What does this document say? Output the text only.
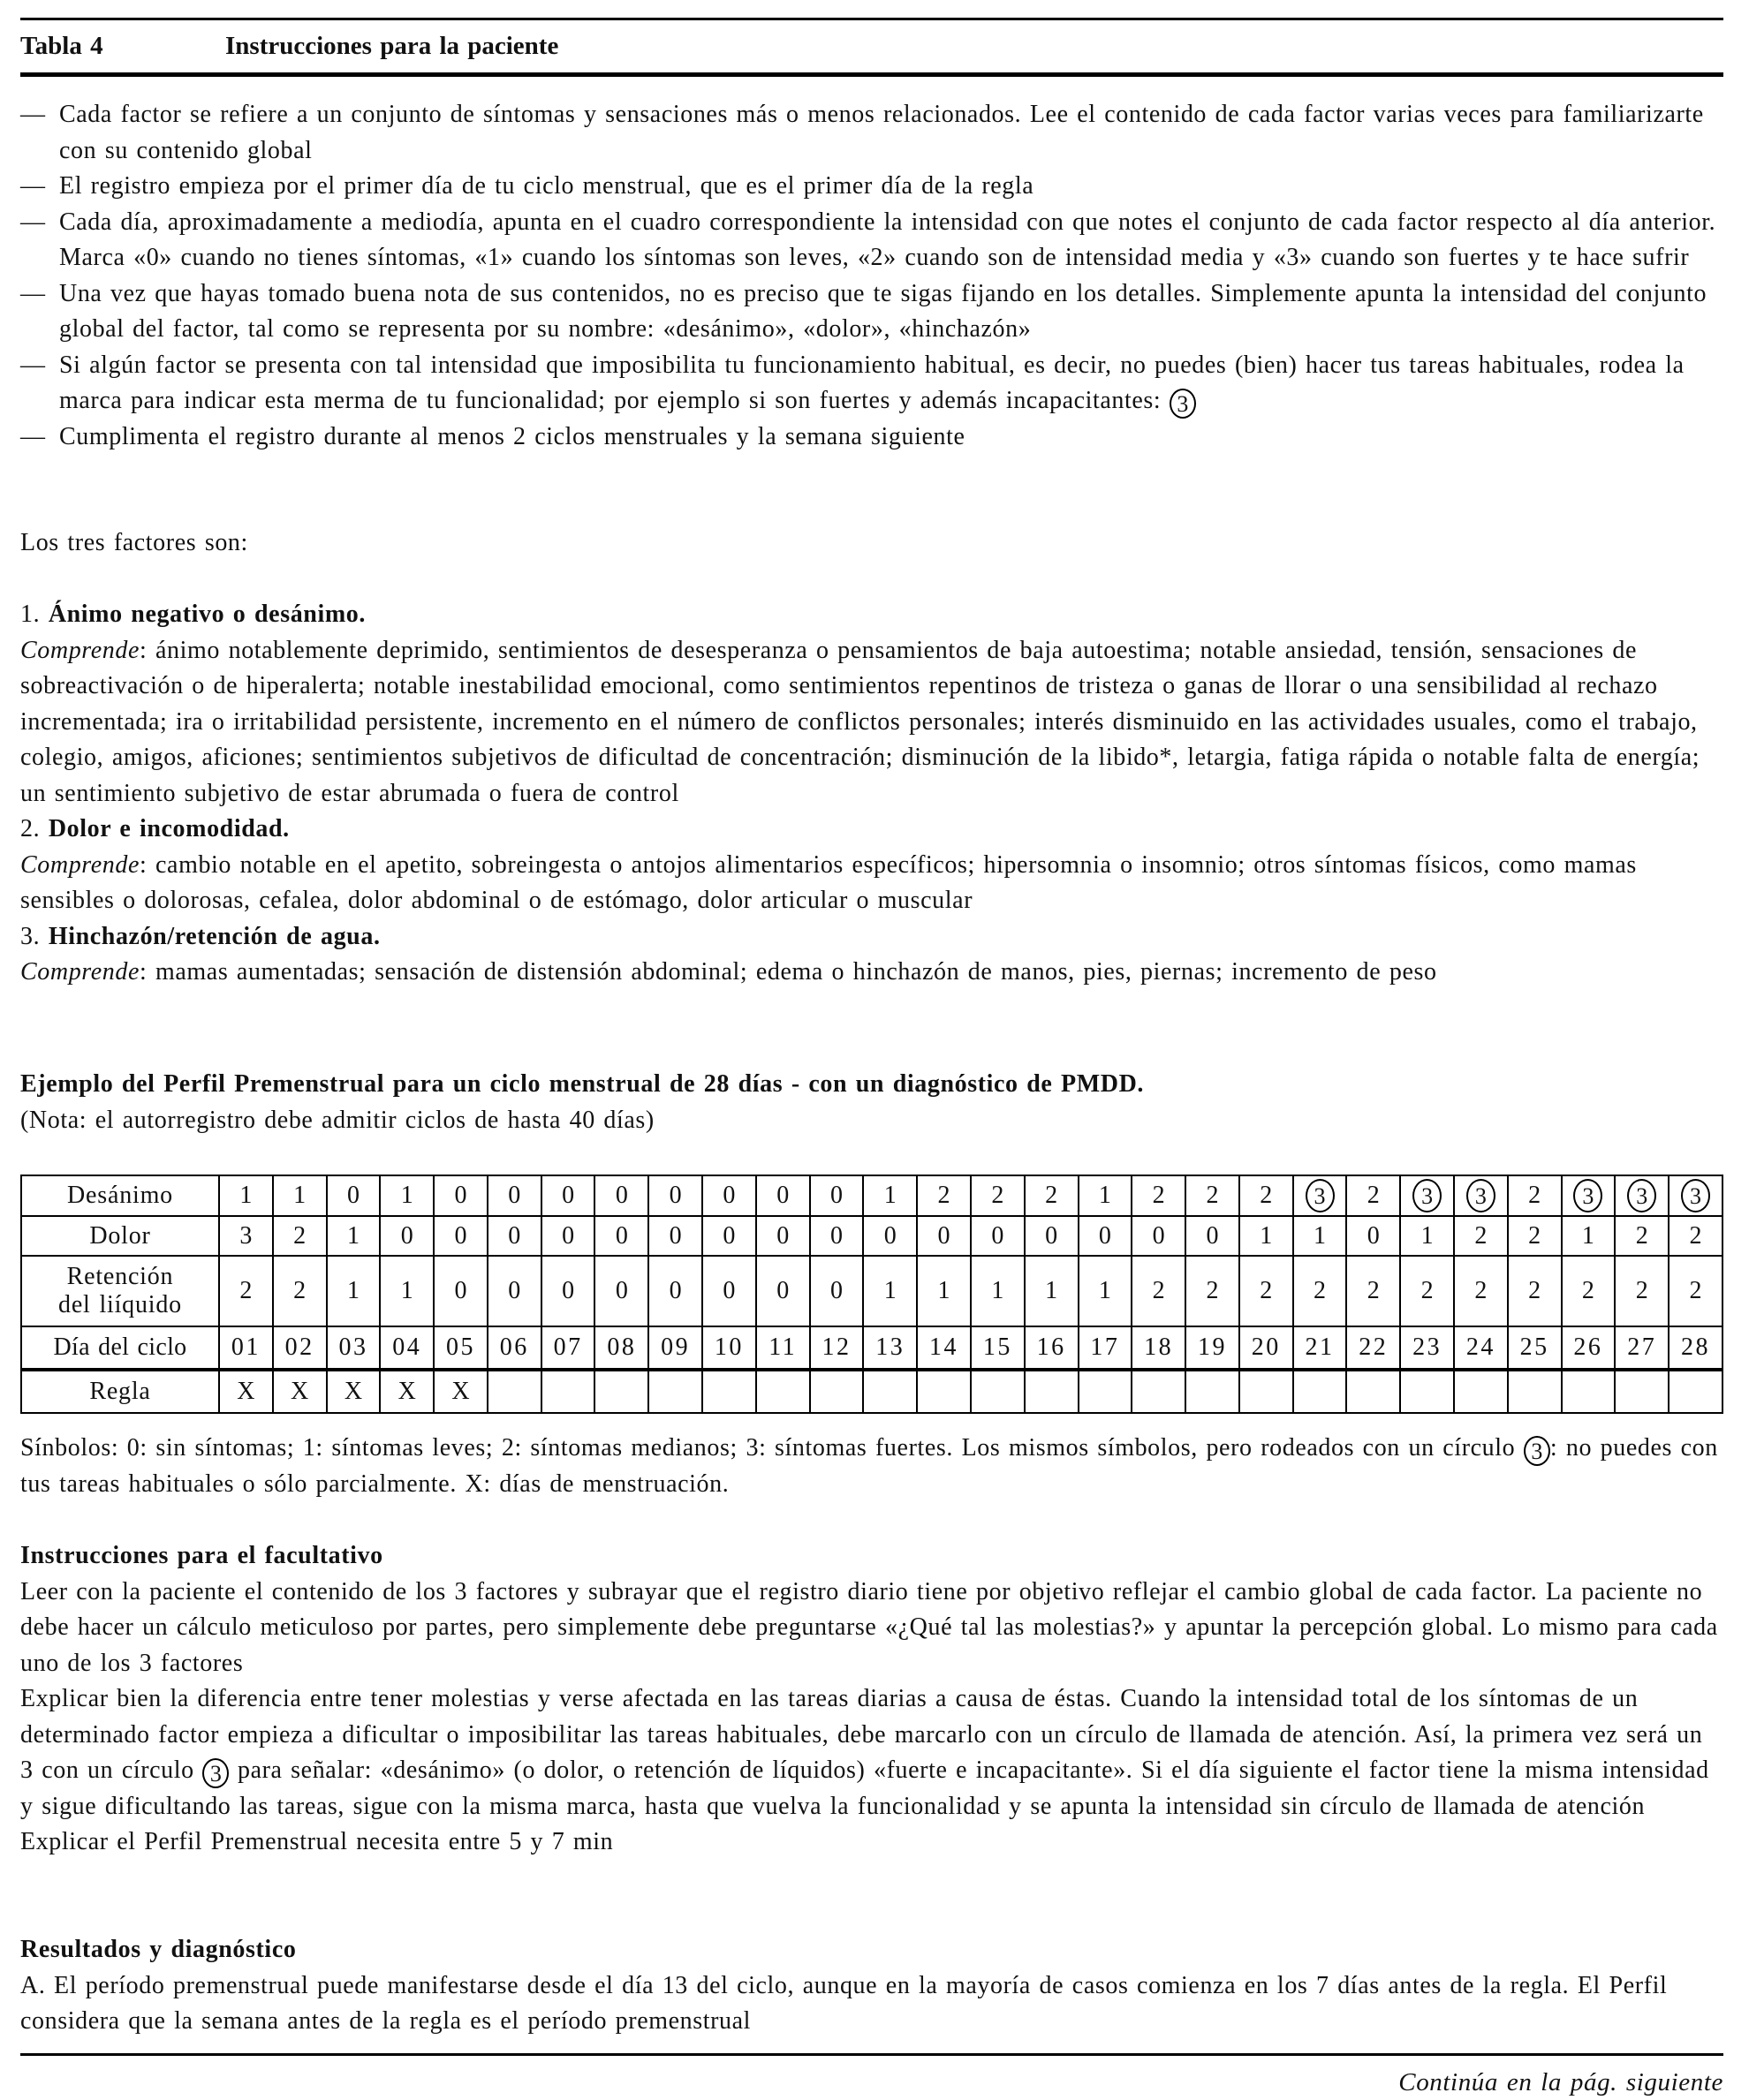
Tabla 4	Instrucciones para la paciente
— Cada factor se refiere a un conjunto de síntomas y sensaciones más o menos relacionados. Lee el contenido de cada factor varias veces para familiarizarte con su contenido global
— El registro empieza por el primer día de tu ciclo menstrual, que es el primer día de la regla
— Cada día, aproximadamente a mediodía, apunta en el cuadro correspondiente la intensidad con que notes el conjunto de cada factor respecto al día anterior. Marca «0» cuando no tienes síntomas, «1» cuando los síntomas son leves, «2» cuando son de intensidad media y «3» cuando son fuertes y te hace sufrir
— Una vez que hayas tomado buena nota de sus contenidos, no es preciso que te sigas fijando en los detalles. Simplemente apunta la intensidad del conjunto global del factor, tal como se representa por su nombre: «desánimo», «dolor», «hinchazón»
— Si algún factor se presenta con tal intensidad que imposibilita tu funcionamiento habitual, es decir, no puedes (bien) hacer tus tareas habituales, rodea la marca para indicar esta merma de tu funcionalidad; por ejemplo si son fuertes y además incapacitantes: 3
— Cumplimenta el registro durante al menos 2 ciclos menstruales y la semana siguiente
Los tres factores son:
1. Ánimo negativo o desánimo.
Comprende: ánimo notablemente deprimido, sentimientos de desesperanza o pensamientos de baja autoestima; notable ansiedad, tensión, sensaciones de sobreactivación o de hiperalerta; notable inestabilidad emocional, como sentimientos repentinos de tristeza o ganas de llorar o una sensibilidad al rechazo incrementada; ira o irritabilidad persistente, incremento en el número de conflictos personales; interés disminuido en las actividades usuales, como el trabajo, colegio, amigos, aficiones; sentimientos subjetivos de dificultad de concentración; disminución de la libido*, letargia, fatiga rápida o notable falta de energía; un sentimiento subjetivo de estar abrumada o fuera de control
2. Dolor e incomodidad.
Comprende: cambio notable en el apetito, sobreingesta o antojos alimentarios específicos; hipersomnia o insomnio; otros síntomas físicos, como mamas sensibles o dolorosas, cefalea, dolor abdominal o de estómago, dolor articular o muscular
3. Hinchazón/retención de agua.
Comprende: mamas aumentadas; sensación de distensión abdominal; edema o hinchazón de manos, pies, piernas; incremento de peso
Ejemplo del Perfil Premenstrual para un ciclo menstrual de 28 días - con un diagnóstico de PMDD.
(Nota: el autorregistro debe admitir ciclos de hasta 40 días)
Desánimo	1	1	0	1	0	0	0	0	0	0	0	0	1	2	2	2	1	2	2	2	3	2	3	3	2	3	3	3
Dolor	3	2	1	0	0	0	0	0	0	0	0	0	0	0	0	0	0	0	0	1	1	0	1	2	2	1	2	2

Retención
del liíquido	2	2	1	1	0	0	0	0	0	0	0	0	1	1	1	1	1	2	2	2	2	2	2	2	2	2	2	2
Día del ciclo	01	02	03	04	05	06	07	08	09	10	11	12	13	14	15	16	17	18	19	20	21	22	23	24	25	26	27	28
Regla	X	X	X	X	X																							
Sínbolos: 0: sin síntomas; 1: síntomas leves; 2: síntomas medianos; 3: síntomas fuertes. Los mismos símbolos, pero rodeados con un círculo 3 : no puedes con tus tareas habituales o sólo parcialmente. X: días de menstruación.
Instrucciones para el facultativo
Leer con la paciente el contenido de los 3 factores y subrayar que el registro diario tiene por objetivo reflejar el cambio global de cada factor. La paciente no debe hacer un cálculo meticuloso por partes, pero simplemente debe preguntarse «¿Qué tal las molestias?» y apuntar la percepción global. Lo mismo para cada uno de los 3 factores
Explicar bien la diferencia entre tener molestias y verse afectada en las tareas diarias a causa de éstas. Cuando la intensidad total de los síntomas de un determinado factor empieza a dificultar o imposibilitar las tareas habituales, debe marcarlo con un círculo de llamada de atención. Así, la primera vez será un 3 con un círculo 3 para señalar: «desánimo» (o dolor, o retención de líquidos) «fuerte e incapacitante». Si el día siguiente el factor tiene la misma intensidad y sigue dificultando las tareas, sigue con la misma marca, hasta que vuelva la funcionalidad y se apunta la intensidad sin círculo de llamada de atención
Explicar el Perfil Premenstrual necesita entre 5 y 7 min
Resultados y diagnóstico
A. El período premenstrual puede manifestarse desde el día 13 del ciclo, aunque en la mayoría de casos comienza en los 7 días antes de la regla. El Perfil considera que la semana antes de la regla es el período premenstrual
Continúa en la pág. siguiente
